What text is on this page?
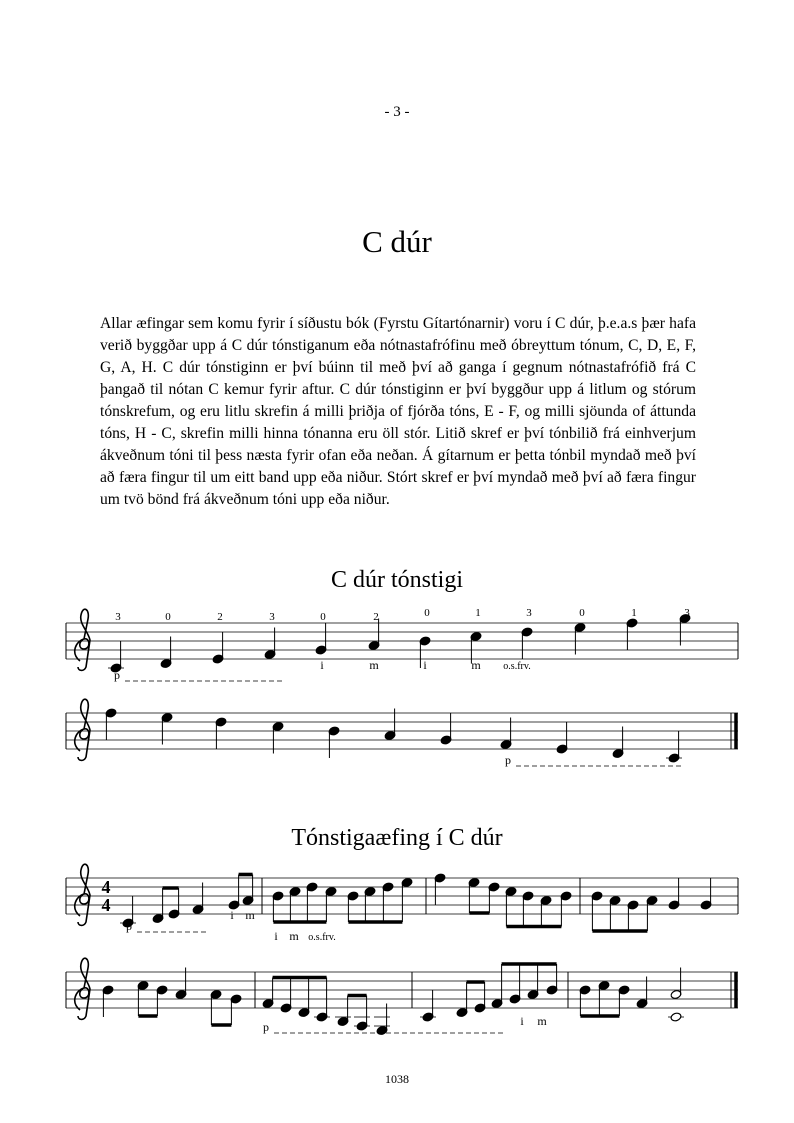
- 3 -
C dúr

Allar æfingar sem komu fyrir í síðustu bók (Fyrstu Gítartónarnir) voru í C dúr, þ.e.a.s þær hafa verið byggðar upp á C dúr tónstiganum eða nótnastafrófinu með óbreyttum tónum, C, D, E, F, G, A, H. C dúr tónstiginn er því búinn til með því að ganga í gegnum nótnastafrófið frá C þangað til nótan C kemur fyrir aftur. C dúr tónstiginn er því byggður upp á litlum og stórum tónskrefum, og eru litlu skrefin á milli þriðja of fjórða tóns, E - F, og milli sjöunda of áttunda tóns, H - C, skrefin milli hinna tónanna eru öll stór. Litið skref er því tónbilið frá einhverjum ákveðnum tóni til þess næsta fyrir ofan eða neðan. Á gítarnum er þetta tónbil myndað með því að færa fingur til um eitt band upp eða niður. Stórt skref er því myndað með því að færa fingur um tvö bönd frá ákveðnum tóni upp eða niður.

C dúr tónstigi
Tónstigaæfing í C dúr
3	0	2	3	0	2	0	1	3	0	1	3
p
i	m	i	m o.s.frv.
p
4
4
p
i m
i m o.s.frv.
p	i m
1038
